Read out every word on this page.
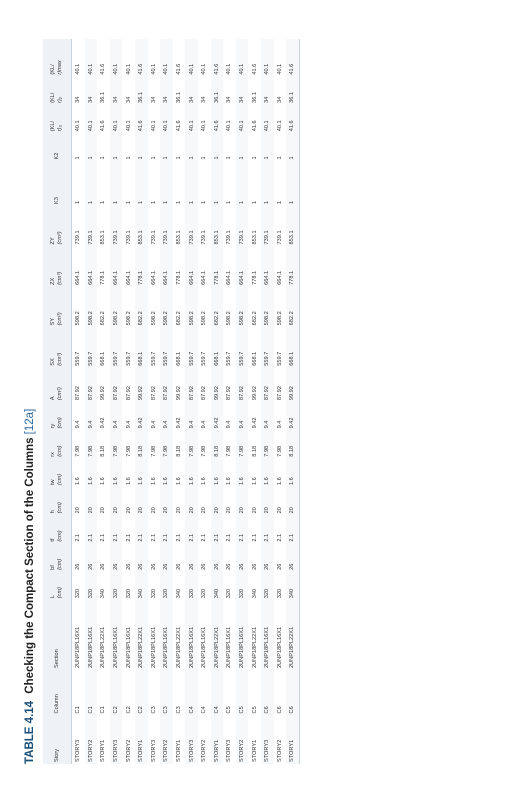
TABLE 4.14 Checking the Compact Section of the Columns [12a]
Story	Column	Section	L (cm)	bf (cm)	tf (cm)	h (cm)	tw (cm)	rx (cm)	ry (cm)	A (cm²)	SX (cm³)	SY (cm³)	ZX (cm³)	ZY (cm³)	K3	K2	(KL/ r)₃	(KL/ r)₂	(KL/ r)max

STORY3	C1	2UNP18PL16X1	320	26	2.1	20	1.6	7.98	9.4	87.92	559.7	598.2	664.1	739.1	1	1	40.1	34	40.1
STORY2	C1	2UNP18PL16X1	320	26	2.1	20	1.6	7.98	9.4	87.92	559.7	598.2	664.1	739.1	1	1	40.1	34	40.1
STORY1	C1	2UNP18PL22X1	340	26	2.1	20	1.6	8.18	9.42	99.92	668.1	682.2	778.1	853.1	1	1	41.6	36.1	41.6
STORY3	C2	2UNP18PL16X1	320	26	2.1	20	1.6	7.98	9.4	87.92	559.7	598.2	664.1	739.1	1	1	40.1	34	40.1
STORY2	C2	2UNP18PL16X1	320	26	2.1	20	1.6	7.98	9.4	87.92	559.7	598.2	664.1	739.1	1	1	40.1	34	40.1
STORY1	C2	2UNP18PL22X1	340	26	2.1	20	1.6	8.18	9.42	99.92	668.1	682.2	778.1	853.1	1	1	41.6	36.1	41.6
STORY3	C3	2UNP18PL16X1	320	26	2.1	20	1.6	7.98	9.4	87.92	559.7	598.2	664.1	739.1	1	1	40.1	34	40.1
STORY2	C3	2UNP18PL16X1	320	26	2.1	20	1.6	7.98	9.4	87.92	559.7	598.2	664.1	739.1	1	1	40.1	34	40.1
STORY1	C3	2UNP18PL22X1	340	26	2.1	20	1.6	8.18	9.42	99.92	668.1	682.2	778.1	853.1	1	1	41.6	36.1	41.6
STORY3	C4	2UNP18PL16X1	320	26	2.1	20	1.6	7.98	9.4	87.92	559.7	598.2	664.1	739.1	1	1	40.1	34	40.1
STORY2	C4	2UNP18PL16X1	320	26	2.1	20	1.6	7.98	9.4	87.92	559.7	598.2	664.1	739.1	1	1	40.1	34	40.1
STORY1	C4	2UNP18PL22X1	340	26	2.1	20	1.6	8.18	9.42	99.92	668.1	682.2	778.1	853.1	1	1	41.6	36.1	41.6
STORY3	C5	2UNP18PL16X1	320	26	2.1	20	1.6	7.98	9.4	87.92	559.7	598.2	664.1	739.1	1	1	40.1	34	40.1
STORY2	C5	2UNP18PL16X1	320	26	2.1	20	1.6	7.98	9.4	87.92	559.7	598.2	664.1	739.1	1	1	40.1	34	40.1
STORY1	C5	2UNP18PL22X1	340	26	2.1	20	1.6	8.18	9.42	99.92	668.1	682.2	778.1	853.1	1	1	41.6	36.1	41.6
STORY3	C6	2UNP18PL16X1	320	26	2.1	20	1.6	7.98	9.4	87.92	559.7	598.2	664.1	739.1	1	1	40.1	34	40.1
STORY2	C6	2UNP18PL16X1	320	26	2.1	20	1.6	7.98	9.4	87.92	559.7	598.2	664.1	739.1	1	1	40.1	34	40.1
STORY1	C6	2UNP18PL22X1	340	26	2.1	20	1.6	8.18	9.42	99.92	668.1	682.2	778.1	853.1	1	1	41.6	36.1	41.6
